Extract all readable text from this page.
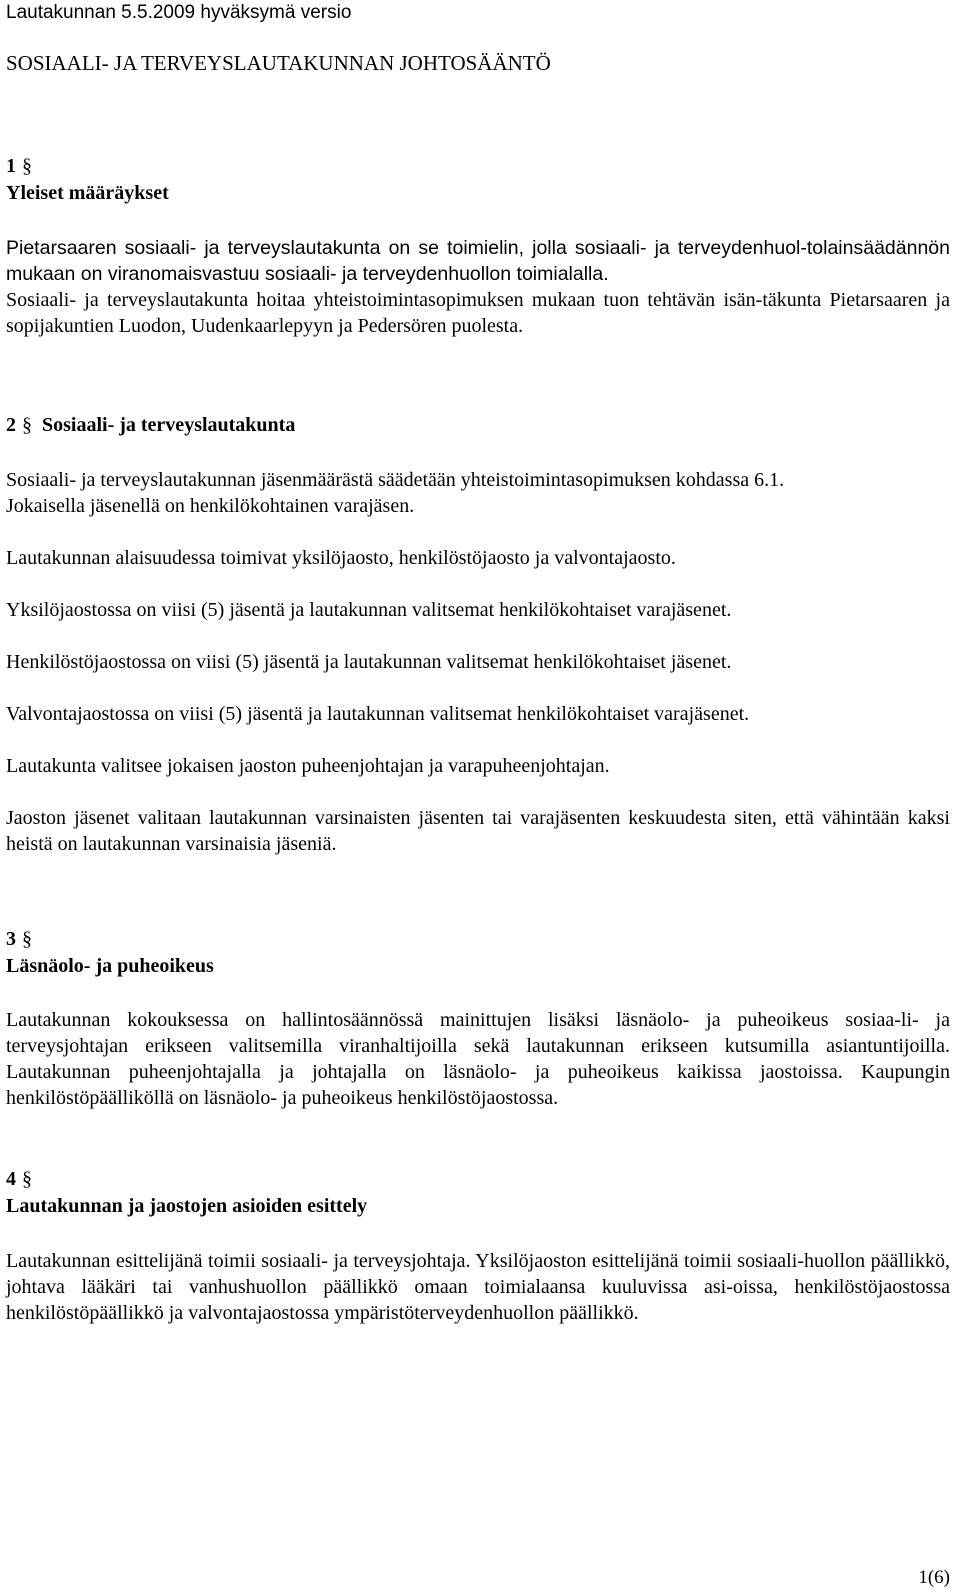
Lautakunnan 5.5.2009 hyväksymä versio
SOSIAALI- JA TERVEYSLAUTAKUNNAN JOHTOSÄÄNTÖ
1 §
Yleiset määräykset

Pietarsaaren sosiaali- ja terveyslautakunta on se toimielin, jolla sosiaali- ja terveydenhuol-tolainsäädännön mukaan on viranomaisvastuu sosiaali- ja terveydenhuollon toimialalla.

Sosiaali- ja terveyslautakunta hoitaa yhteistoimintasopimuksen mukaan tuon tehtävän isän-täkunta Pietarsaaren ja sopijakuntien Luodon, Uudenkaarlepyyn ja Pedersören puolesta.

2 § Sosiaali- ja terveyslautakunta

Sosiaali- ja terveyslautakunnan jäsenmäärästä säädetään yhteistoimintasopimuksen kohdassa 6.1.

Jokaisella jäsenellä on henkilökohtainen varajäsen.

Lautakunnan alaisuudessa toimivat yksilöjaosto, henkilöstöjaosto ja valvontajaosto.

Yksilöjaostossa on viisi (5) jäsentä ja lautakunnan valitsemat henkilökohtaiset varajäsenet.

Henkilöstöjaostossa on viisi (5) jäsentä ja lautakunnan valitsemat henkilökohtaiset jäsenet.

Valvontajaostossa on viisi (5) jäsentä ja lautakunnan valitsemat henkilökohtaiset varajäsenet.

Lautakunta valitsee jokaisen jaoston puheenjohtajan ja varapuheenjohtajan.

Jaoston jäsenet valitaan lautakunnan varsinaisten jäsenten tai varajäsenten keskuudesta siten, että vähintään kaksi heistä on lautakunnan varsinaisia jäseniä.

3 §
Läsnäolo- ja puheoikeus

Lautakunnan kokouksessa on hallintosäännössä mainittujen lisäksi läsnäolo- ja puheoikeus sosiaa-li- ja terveysjohtajan erikseen valitsemilla viranhaltijoilla sekä lautakunnan erikseen kutsumilla asiantuntijoilla. Lautakunnan puheenjohtajalla ja johtajalla on läsnäolo- ja puheoikeus kaikissa jaostoissa. Kaupungin henkilöstöpäälliköllä on läsnäolo- ja puheoikeus henkilöstöjaostossa.

4 §
Lautakunnan ja jaostojen asioiden esittely

Lautakunnan esittelijänä toimii sosiaali- ja terveysjohtaja. Yksilöjaoston esittelijänä toimii sosiaali-huollon päällikkö, johtava lääkäri tai vanhushuollon päällikkö omaan toimialaansa kuuluvissa asi-oissa, henkilöstöjaostossa henkilöstöpäällikkö ja valvontajaostossa ympäristöterveydenhuollon päällikkö.

1(6)
